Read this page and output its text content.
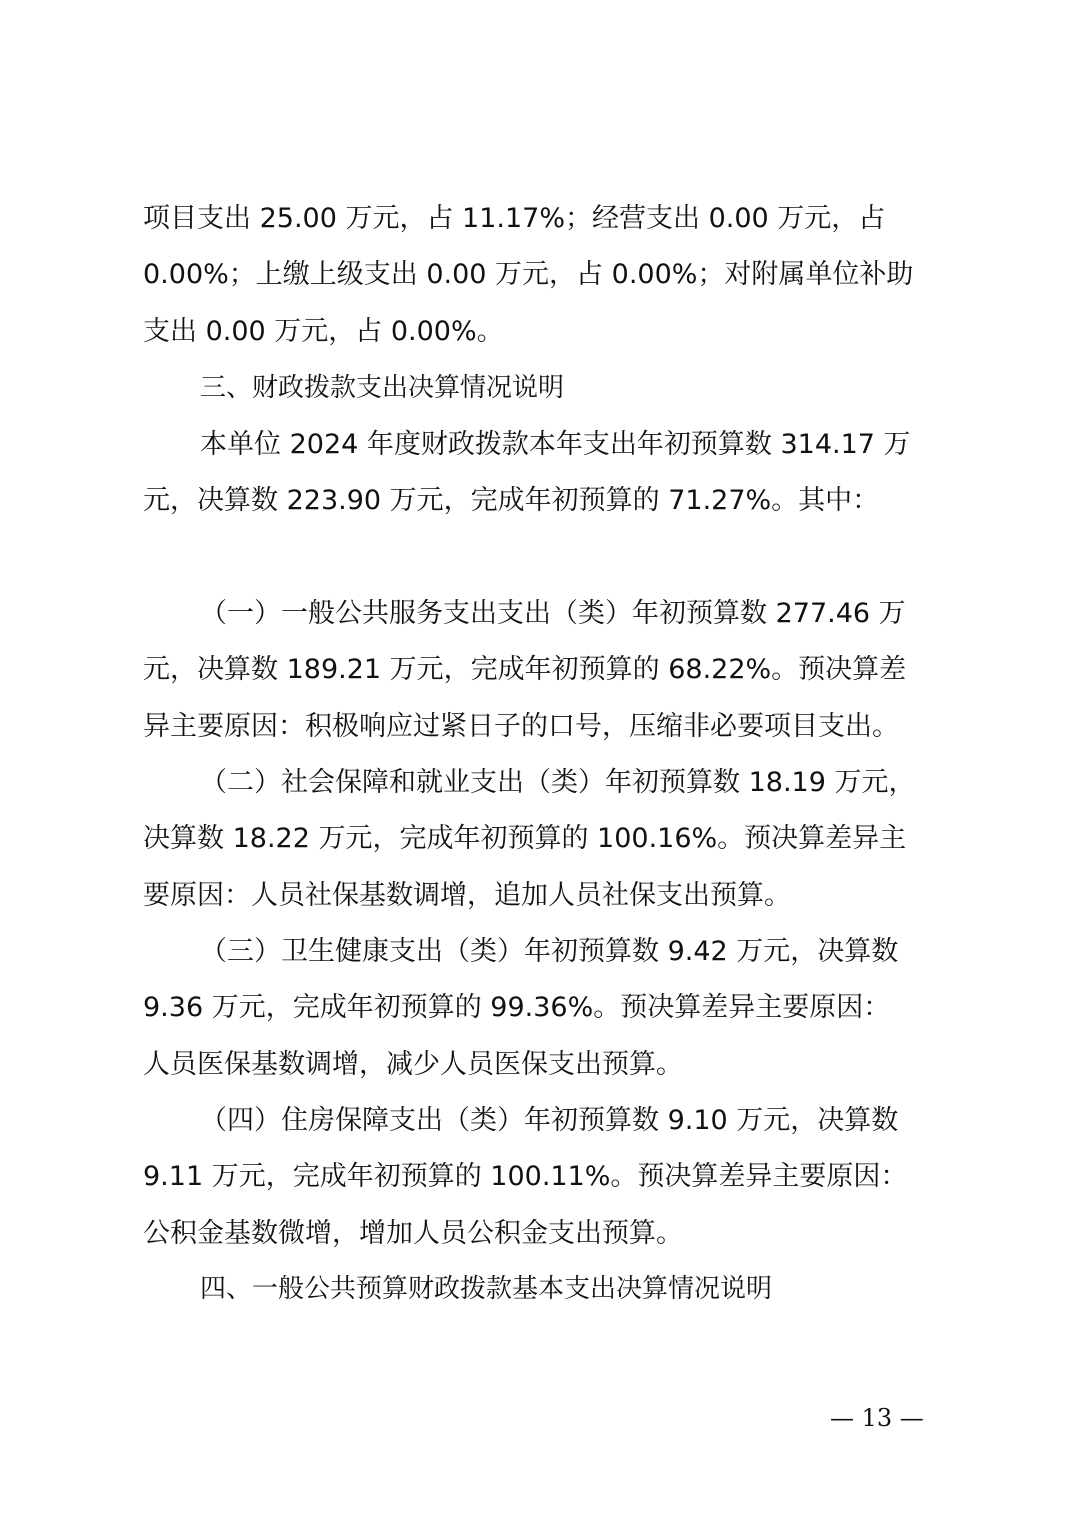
项目支出 25.00 万元，占 11.17%；经营支出 0.00 万元，占
0.00%；上缴上级支出 0.00 万元，占 0.00%；对附属单位补助
支出 0.00 万元，占 0.00%。
三、财政拨款支出决算情况说明
本单位 2024 年度财政拨款本年支出年初预算数 314.17 万
元，决算数 223.90 万元，完成年初预算的 71.27%。其中：
（一）一般公共服务支出支出（类）年初预算数 277.46 万
元，决算数 189.21 万元，完成年初预算的 68.22%。预决算差
异主要原因：积极响应过紧日子的口号，压缩非必要项目支出。
（二）社会保障和就业支出（类）年初预算数 18.19 万元，
决算数 18.22 万元，完成年初预算的 100.16%。预决算差异主
要原因：人员社保基数调增，追加人员社保支出预算。
（三）卫生健康支出（类）年初预算数 9.42 万元，决算数
9.36 万元，完成年初预算的 99.36%。预决算差异主要原因：
人员医保基数调增，减少人员医保支出预算。
（四）住房保障支出（类）年初预算数 9.10 万元，决算数
9.11 万元，完成年初预算的 100.11%。预决算差异主要原因：
公积金基数微增，增加人员公积金支出预算。
四、一般公共预算财政拨款基本支出决算情况说明
— 13 —
